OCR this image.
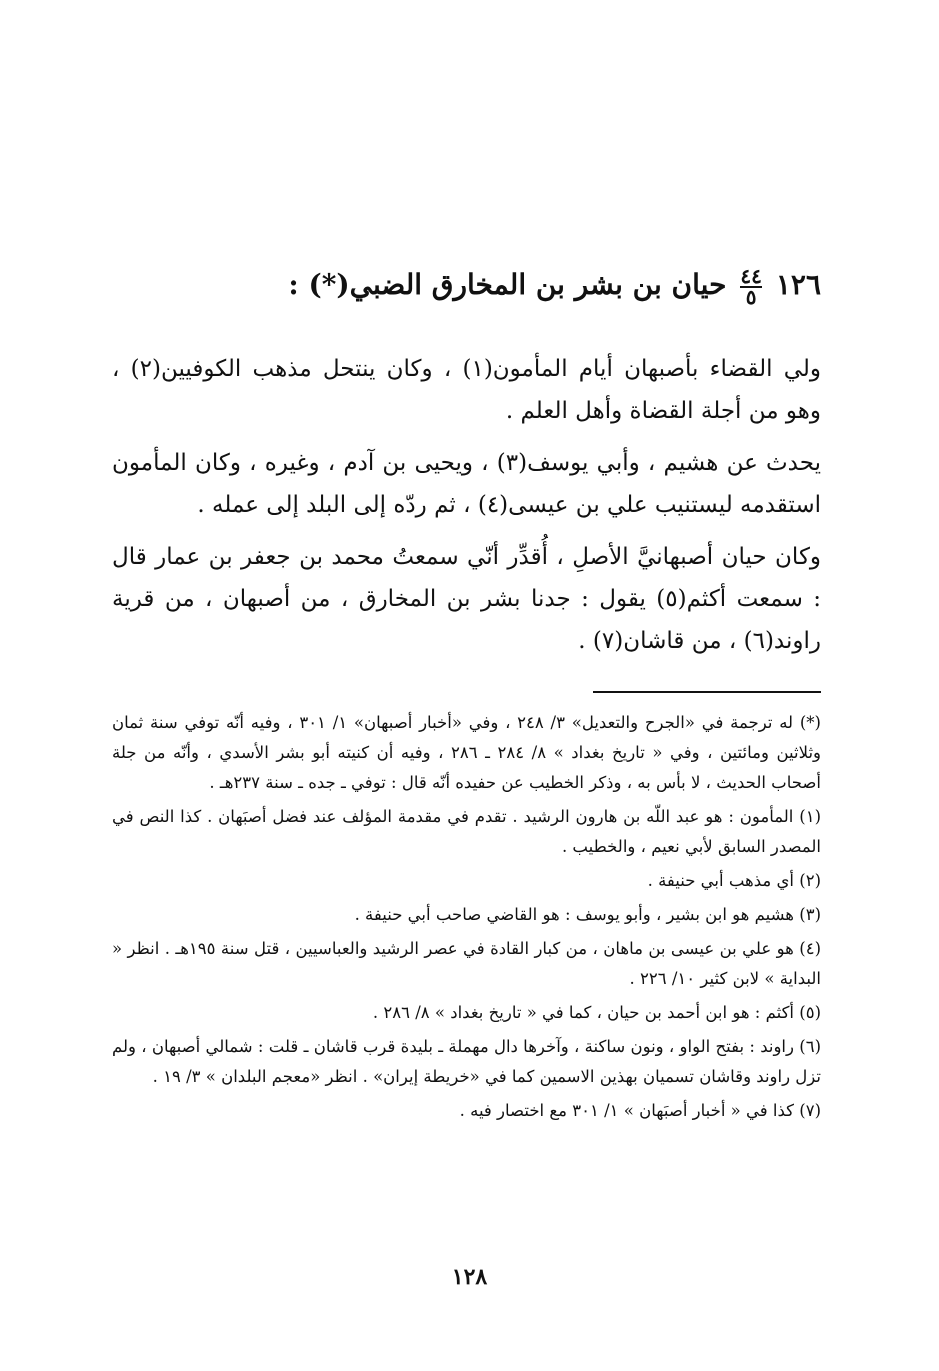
١٢٦
٤٤
٥
حيان بن بشر بن المخارق الضبي(*) :

ولي القضاء بأصبهان أيام المأمون(١) ، وكان ينتحل مذهب الكوفيين(٢) ، وهو من أجلة القضاة وأهل العلم .

يحدث عن هشيم ، وأبي يوسف(٣) ، ويحيى بن آدم ، وغيره ، وكان المأمون استقدمه ليستنيب علي بن عيسى(٤) ، ثم ردّه إلى البلد إلى عمله .

وكان حيان أصبهانيَّ الأصلِ ، أُقدِّر أنّي سمعتُ محمد بن جعفر بن عمار قال : سمعت أكثم(٥) يقول : جدنا بشر بن المخارق ، من أصبهان ، من قرية راوند(٦) ، من قاشان(٧) .

(*) له ترجمة في «الجرح والتعديل» ٣/ ٢٤٨ ، وفي «أخبار أصبهان» ١/ ٣٠١ ، وفيه أنّه توفي سنة ثمان وثلاثين ومائتين ، وفي « تاريخ بغداد » ٨/ ٢٨٤ ـ ٢٨٦ ، وفيه أن كنيته أبو بشر الأسدي ، وأنّه من جلة أصحاب الحديث ، لا بأس به ، وذكر الخطيب عن حفيده أنّه قال : توفي ـ جده ـ سنة ٢٣٧هـ .

(١) المأمون : هو عبد اللّه بن هارون الرشيد . تقدم في مقدمة المؤلف عند فضل أصبَهان . كذا النص في المصدر السابق لأبي نعيم ، والخطيب .

(٢) أي مذهب أبي حنيفة .

(٣) هشيم هو ابن بشير ، وأبو يوسف : هو القاضي صاحب أبي حنيفة .

(٤) هو علي بن عيسى بن ماهان ، من كبار القادة في عصر الرشيد والعباسيين ، قتل سنة ١٩٥هـ . انظر « البداية » لابن كثير ١٠/ ٢٢٦ .

(٥) أكثم : هو ابن أحمد بن حيان ، كما في « تاريخ بغداد » ٨/ ٢٨٦ .

(٦) راوند : بفتح الواو ، ونون ساكنة ، وآخرها دال مهملة ـ بليدة قرب قاشان ـ قلت : شمالي أصبهان ، ولم تزل راوند وقاشان تسميان بهذين الاسمين كما في «خريطة إيران» . انظر «معجم البلدان » ٣/ ١٩ .

(٧) كذا في « أخبار أصبَهان » ١/ ٣٠١ مع اختصار فيه .

١٢٨
